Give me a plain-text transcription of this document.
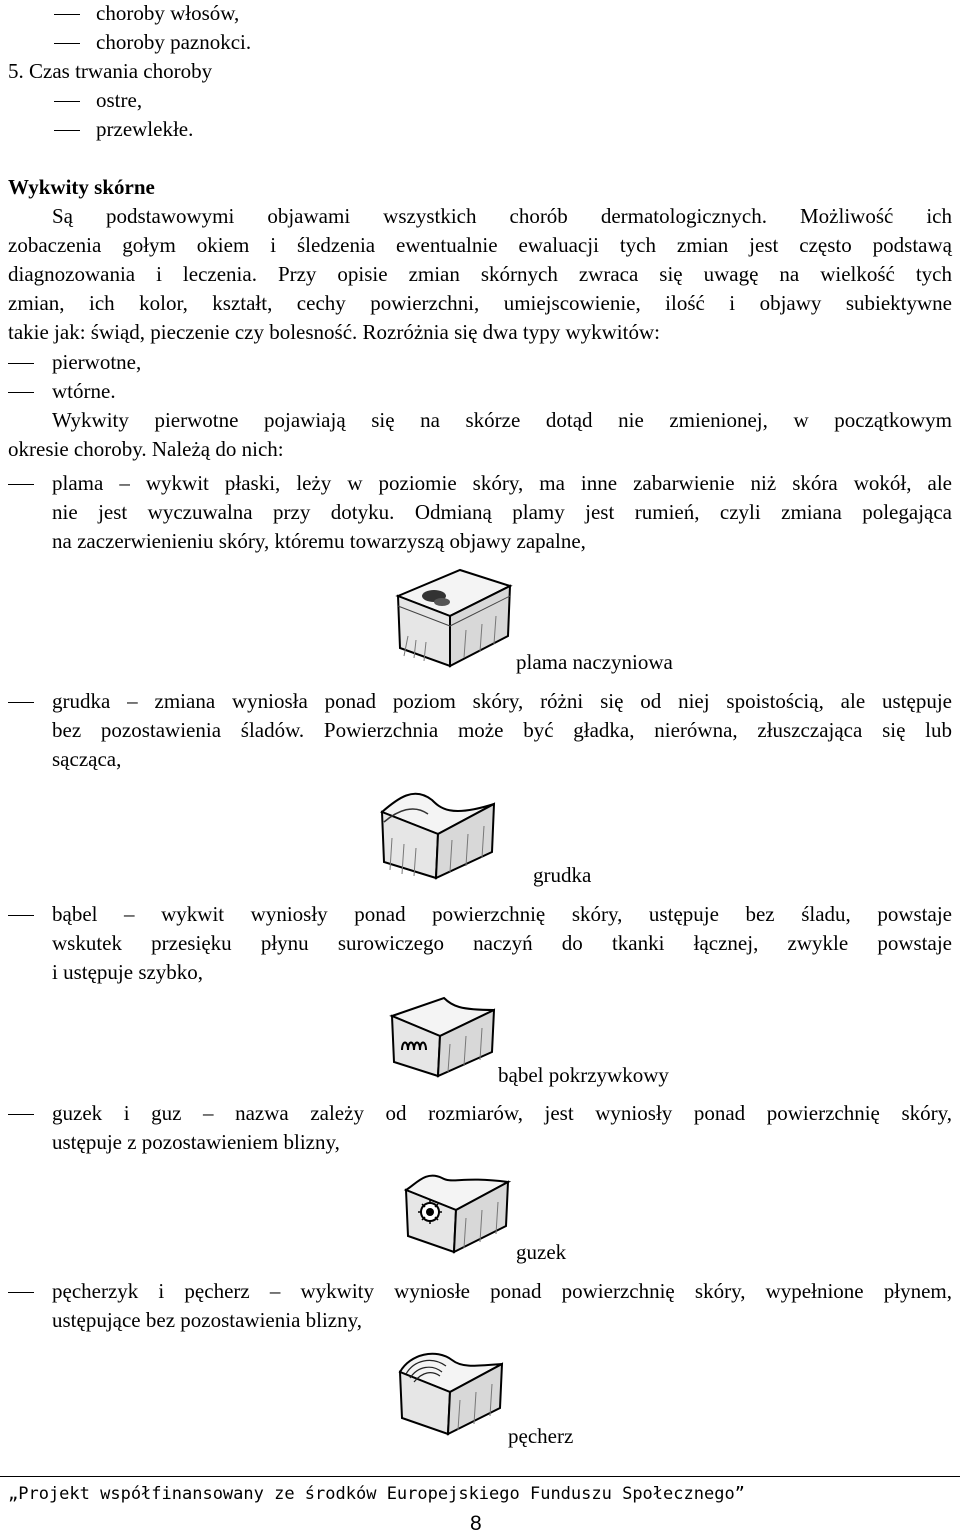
choroby włosów,
choroby paznokci.
5. Czas trwania choroby
ostre,
przewlekłe.
Wykwity skórne
Są podstawowymi objawami wszystkich chorób dermatologicznych. Możliwość ich
zobaczenia gołym okiem i śledzenia ewentualnie ewaluacji tych zmian jest często podstawą
diagnozowania i leczenia. Przy opisie zmian skórnych zwraca się uwagę na wielkość tych
zmian, ich kolor, kształt, cechy powierzchni, umiejscowienie, ilość i objawy subiektywne
takie jak: świąd, pieczenie czy bolesność. Rozróżnia się dwa typy wykwitów:
pierwotne,
wtórne.
Wykwity pierwotne pojawiają się na skórze dotąd nie zmienionej, w początkowym
okresie choroby. Należą do nich:
plama – wykwit płaski, leży w poziomie skóry, ma inne zabarwienie niż skóra wokół, ale
nie jest wyczuwalna przy dotyku. Odmianą plamy jest rumień, czyli zmiana polegająca
na zaczerwienieniu skóry, któremu towarzyszą objawy zapalne,
plama naczyniowa
grudka – zmiana wyniosła ponad poziom skóry, różni się od niej spoistością, ale ustępuje
bez pozostawienia śladów. Powierzchnia może być gładka, nierówna, złuszczająca się lub
sącząca,
grudka
bąbel – wykwit wyniosły ponad powierzchnię skóry, ustępuje bez śladu, powstaje
wskutek przesięku płynu surowiczego naczyń do tkanki łącznej, zwykle powstaje
i ustępuje szybko,
bąbel pokrzywkowy
guzek i guz – nazwa zależy od rozmiarów, jest wyniosły ponad powierzchnię skóry,
ustępuje z pozostawieniem blizny,
guzek
pęcherzyk i pęcherz – wykwity wyniosłe ponad powierzchnię skóry, wypełnione płynem,
ustępujące bez pozostawienia blizny,
pęcherz
„Projekt współfinansowany ze środków Europejskiego Funduszu Społecznego”
8
